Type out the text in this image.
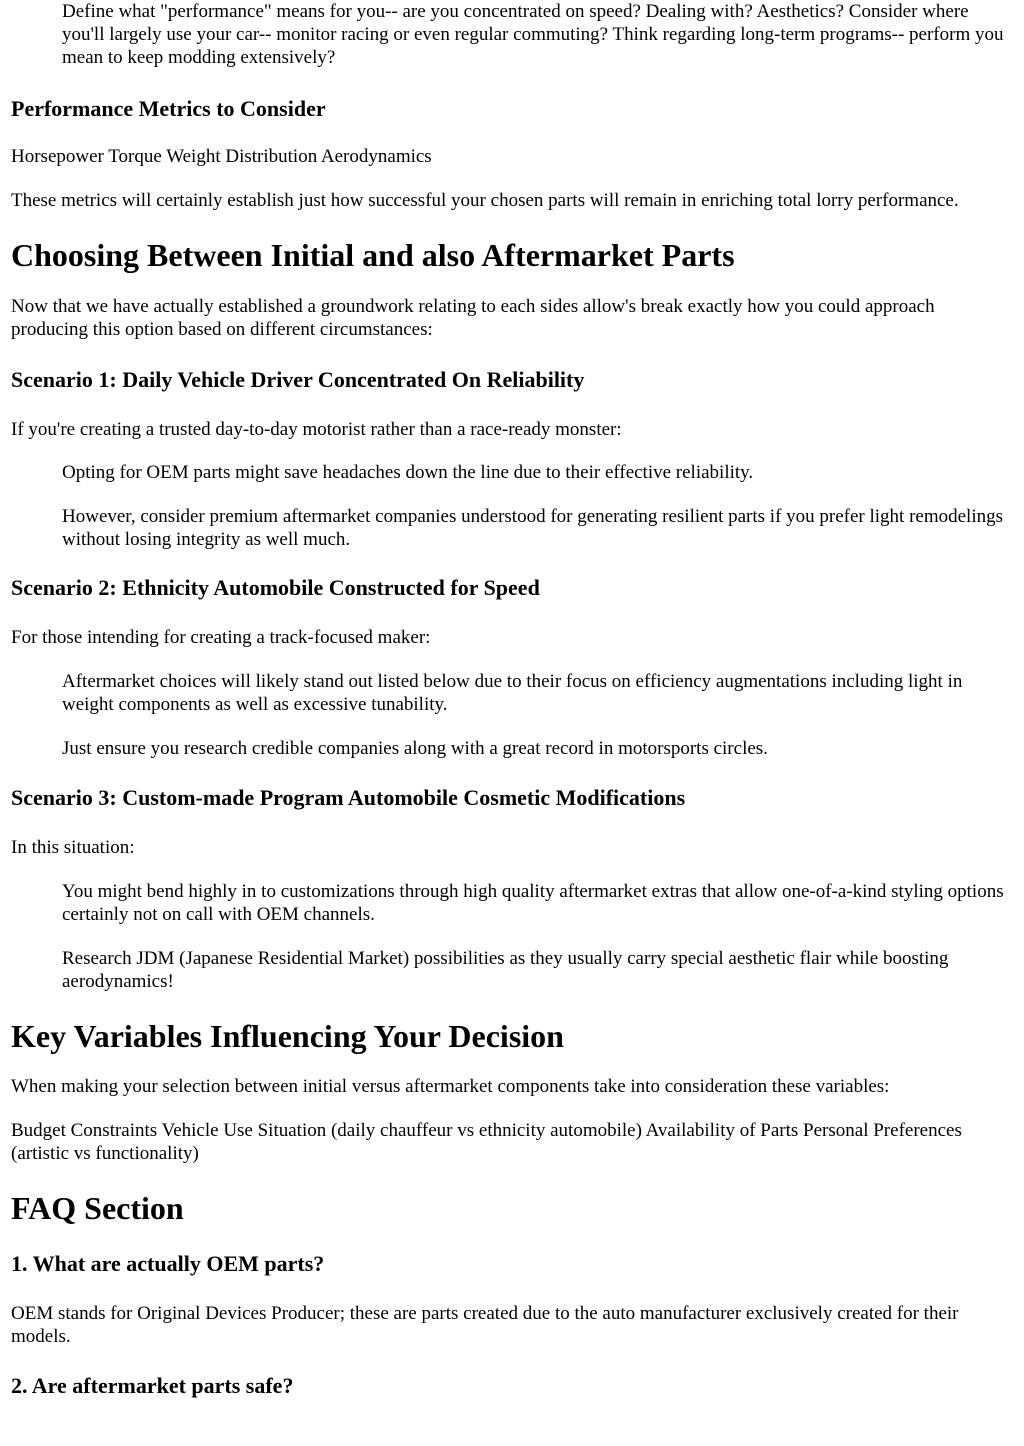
Define what "performance" means for you-- are you concentrated on speed? Dealing with? Aesthetics? Consider where you'll largely use your car-- monitor racing or even regular commuting? Think regarding long-term programs-- perform you mean to keep modding extensively?

Performance Metrics to Consider

Horsepower Torque Weight Distribution Aerodynamics

These metrics will certainly establish just how successful your chosen parts will remain in enriching total lorry performance.

Choosing Between Initial and also Aftermarket Parts

Now that we have actually established a groundwork relating to each sides allow's break exactly how you could approach producing this option based on different circumstances:

Scenario 1: Daily Vehicle Driver Concentrated On Reliability

If you're creating a trusted day-to-day motorist rather than a race-ready monster:

Opting for OEM parts might save headaches down the line due to their effective reliability.

However, consider premium aftermarket companies understood for generating resilient parts if you prefer light remodelings without losing integrity as well much.

Scenario 2: Ethnicity Automobile Constructed for Speed

For those intending for creating a track-focused maker:

Aftermarket choices will likely stand out listed below due to their focus on efficiency augmentations including light in weight components as well as excessive tunability.

Just ensure you research credible companies along with a great record in motorsports circles.

Scenario 3: Custom-made Program Automobile Cosmetic Modifications

In this situation:

You might bend highly in to customizations through high quality aftermarket extras that allow one-of-a-kind styling options certainly not on call with OEM channels.

Research JDM (Japanese Residential Market) possibilities as they usually carry special aesthetic flair while boosting aerodynamics!

Key Variables Influencing Your Decision

When making your selection between initial versus aftermarket components take into consideration these variables:

Budget Constraints Vehicle Use Situation (daily chauffeur vs ethnicity automobile) Availability of Parts Personal Preferences (artistic vs functionality)

FAQ Section
1. What are actually OEM parts?

OEM stands for Original Devices Producer; these are parts created due to the auto manufacturer exclusively created for their models.

2. Are aftermarket parts safe?
